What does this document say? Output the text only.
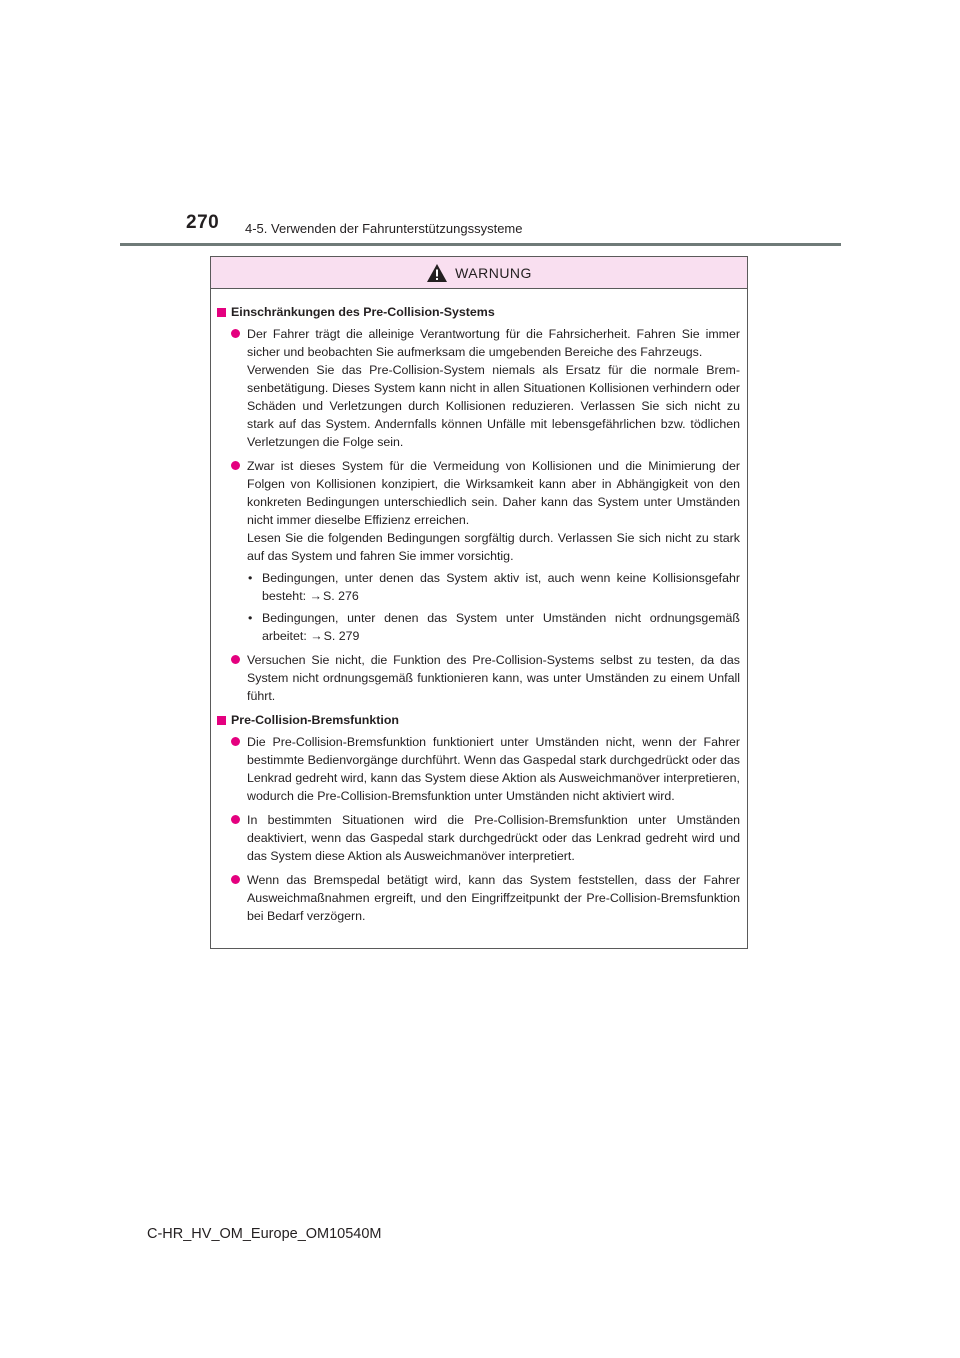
270 4-5. Verwenden der Fahrunterstützungssysteme
WARNUNG
Einschränkungen des Pre-Collision-Systems
Der Fahrer trägt die alleinige Verantwortung für die Fahrsicherheit. Fahren Sie immer sicher und beobachten Sie aufmerksam die umgebenden Bereiche des Fahrzeugs.
Verwenden Sie das Pre-Collision-System niemals als Ersatz für die normale Bremsenbetätigung. Dieses System kann nicht in allen Situationen Kollisionen verhindern oder Schäden und Verletzungen durch Kollisionen reduzieren. Verlassen Sie sich nicht zu stark auf das System. Andernfalls können Unfälle mit lebensgefährlichen bzw. tödlichen Verletzungen die Folge sein.
Zwar ist dieses System für die Vermeidung von Kollisionen und die Minimierung der Folgen von Kollisionen konzipiert, die Wirksamkeit kann aber in Abhängigkeit von den konkreten Bedingungen unterschiedlich sein. Daher kann das System unter Umständen nicht immer dieselbe Effizienz erreichen.
Lesen Sie die folgenden Bedingungen sorgfältig durch. Verlassen Sie sich nicht zu stark auf das System und fahren Sie immer vorsichtig.
• Bedingungen, unter denen das System aktiv ist, auch wenn keine Kollisionsgefahr besteht: →S. 276
• Bedingungen, unter denen das System unter Umständen nicht ordnungsgemäß arbeitet: →S. 279
Versuchen Sie nicht, die Funktion des Pre-Collision-Systems selbst zu testen, da das System nicht ordnungsgemäß funktionieren kann, was unter Umständen zu einem Unfall führt.
Pre-Collision-Bremsfunktion
Die Pre-Collision-Bremsfunktion funktioniert unter Umständen nicht, wenn der Fahrer bestimmte Bedienvorgänge durchführt. Wenn das Gaspedal stark durchgedrückt oder das Lenkrad gedreht wird, kann das System diese Aktion als Ausweichmanöver interpretieren, wodurch die Pre-Collision-Bremsfunktion unter Umständen nicht aktiviert wird.
In bestimmten Situationen wird die Pre-Collision-Bremsfunktion unter Umständen deaktiviert, wenn das Gaspedal stark durchgedrückt oder das Lenkrad gedreht wird und das System diese Aktion als Ausweichmanöver interpretiert.
Wenn das Bremspedal betätigt wird, kann das System feststellen, dass der Fahrer Ausweichmaßnahmen ergreift, und den Eingriffzeitpunkt der Pre-Collision-Bremsfunktion bei Bedarf verzögern.
C-HR_HV_OM_Europe_OM10540M
